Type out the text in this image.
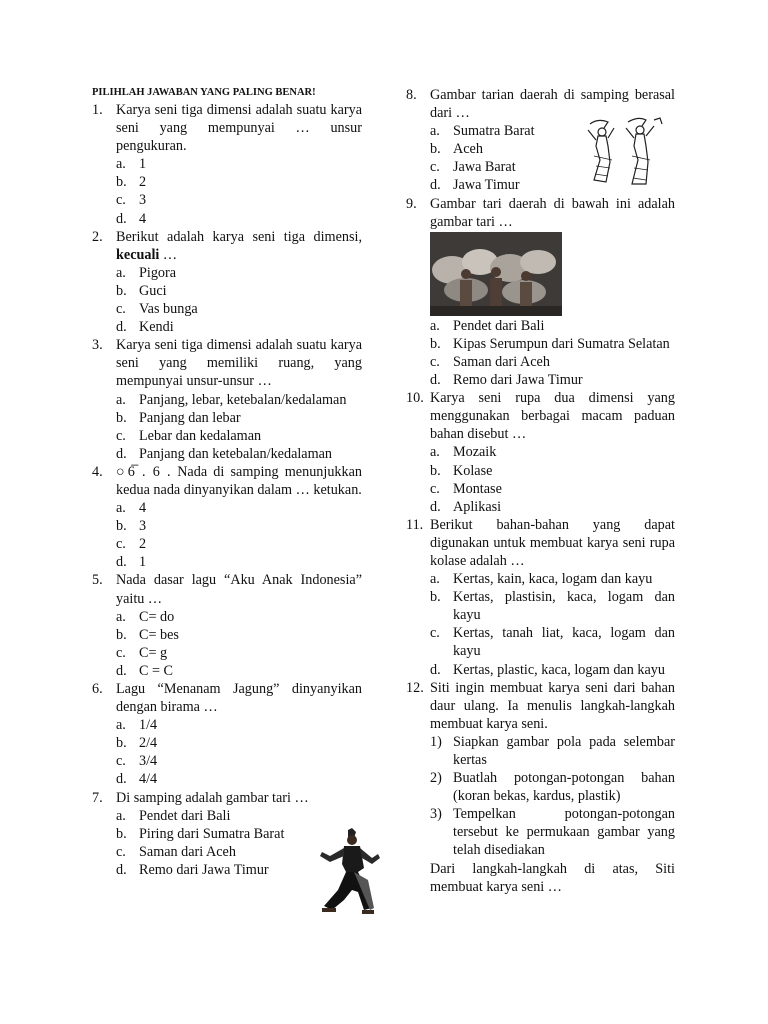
PILIHLAH JAWABAN YANG PALING BENAR!
1. Karya seni tiga dimensi adalah suatu karya seni yang mempunyai … unsur pengukuran.
a. 1
b. 2
c. 3
d. 4
2. Berikut adalah karya seni tiga dimensi, kecuali …
a. Pigora
b. Guci
c. Vas bunga
d. Kendi
3. Karya seni tiga dimensi adalah suatu karya seni yang memiliki ruang, yang mempunyai unsur-unsur …
a. Panjang, lebar, ketebalan/kedalaman
b. Panjang dan lebar
c. Lebar dan kedalaman
d. Panjang dan ketebalan/kedalaman
4. ○6̅ . 6 . Nada di samping menunjukkan kedua nada dinyanyikan dalam … ketukan.
a. 4
b. 3
c. 2
d. 1
5. Nada dasar lagu “Aku Anak Indonesia” yaitu …
a. C= do
b. C= bes
c. C= g
d. C = C
6. Lagu “Menanam Jagung” dinyanyikan dengan birama …
a. 1/4
b. 2/4
c. 3/4
d. 4/4
7. Di samping adalah gambar tari …
a. Pendet dari Bali
b. Piring dari Sumatra Barat
c. Saman dari Aceh
d. Remo dari Jawa Timur
8. Gambar tarian daerah di samping berasal dari …
a. Sumatra Barat
b. Aceh
c. Jawa Barat
d. Jawa Timur
9. Gambar tari daerah di bawah ini adalah gambar tari …
a. Pendet dari Bali
b. Kipas Serumpun dari Sumatra Selatan
c. Saman dari Aceh
d. Remo dari Jawa Timur
10. Karya seni rupa dua dimensi yang menggunakan berbagai macam paduan bahan disebut …
a. Mozaik
b. Kolase
c. Montase
d. Aplikasi
11. Berikut bahan-bahan yang dapat digunakan untuk membuat karya seni rupa kolase adalah …
a. Kertas, kain, kaca, logam dan kayu
b. Kertas, plastisin, kaca, logam dan kayu
c. Kertas, tanah liat, kaca, logam dan kayu
d. Kertas, plastic, kaca, logam dan kayu
12. Siti ingin membuat karya seni dari bahan daur ulang. Ia menulis langkah-langkah membuat karya seni.
1) Siapkan gambar pola pada selembar kertas
2) Buatlah potongan-potongan bahan (koran bekas, kardus, plastik)
3) Tempelkan potongan-potongan tersebut ke permukaan gambar yang telah disediakan
Dari langkah-langkah di atas, Siti membuat karya seni …
